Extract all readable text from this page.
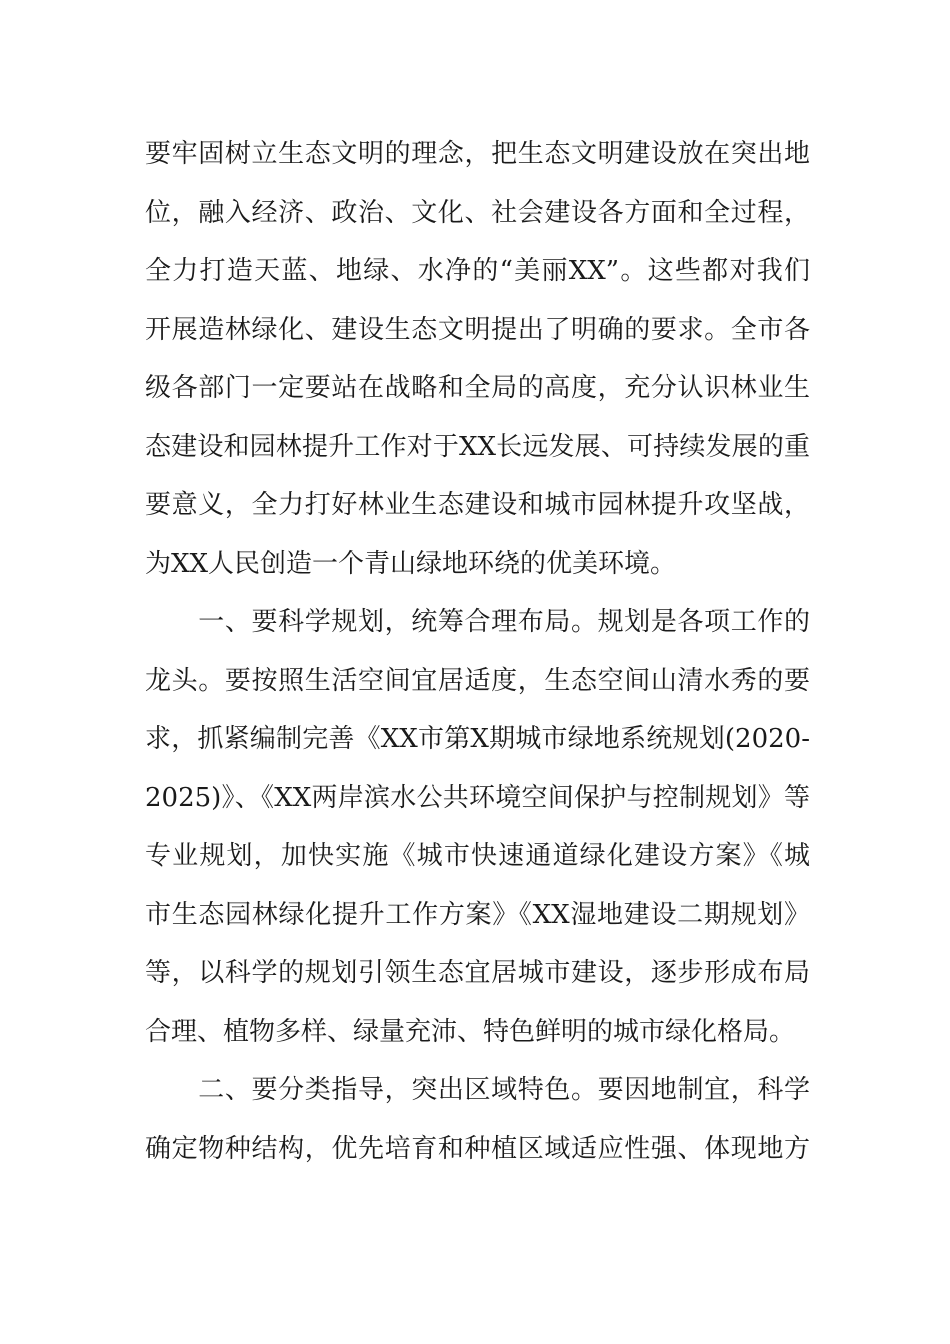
要牢固树立生态文明的理念，把生态文明建设放在突出地
位，融入经济、政治、文化、社会建设各方面和全过程，
全力打造天蓝、地绿、水净的“美丽XX”。这些都对我们
开展造林绿化、建设生态文明提出了明确的要求。全市各
级各部门一定要站在战略和全局的高度，充分认识林业生
态建设和园林提升工作对于XX长远发展、可持续发展的重
要意义，全力打好林业生态建设和城市园林提升攻坚战，
为XX人民创造一个青山绿地环绕的优美环境。
　　一、要科学规划，统筹合理布局。规划是各项工作的
龙头。要按照生活空间宜居适度，生态空间山清水秀的要
求，抓紧编制完善《XX市第X期城市绿地系统规划(2020-
2025)》、《XX两岸滨水公共环境空间保护与控制规划》等
专业规划，加快实施《城市快速通道绿化建设方案》《城
市生态园林绿化提升工作方案》《XX湿地建设二期规划》
等，以科学的规划引领生态宜居城市建设，逐步形成布局
合理、植物多样、绿量充沛、特色鲜明的城市绿化格局。
　　二、要分类指导，突出区域特色。要因地制宜，科学
确定物种结构，优先培育和种植区域适应性强、体现地方
